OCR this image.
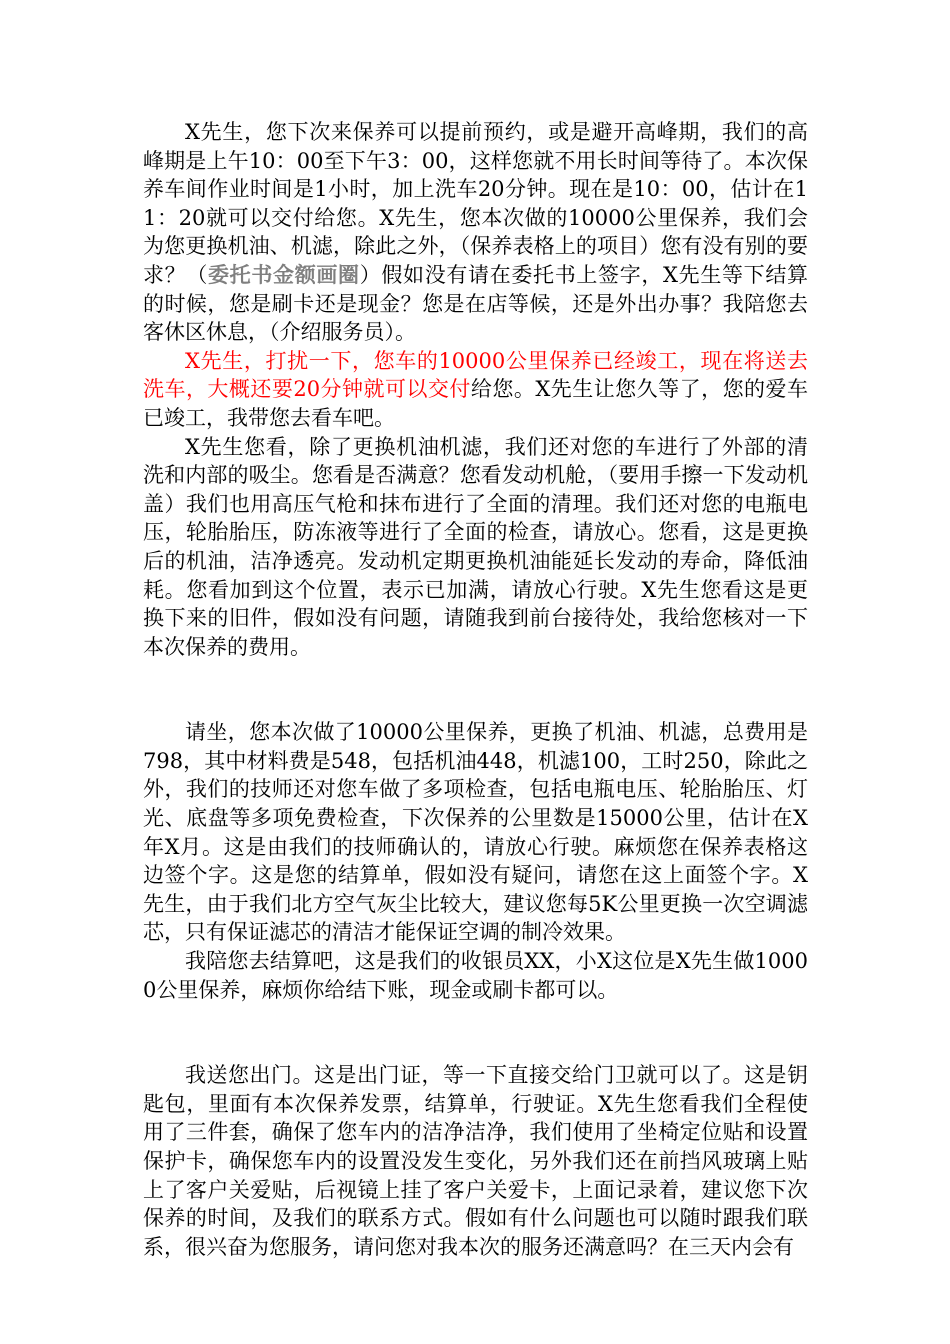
X先生，您下次来保养可以提前预约，或是避开高峰期，我们的高峰期是上午10：00至下午3：00，这样您就不用长时间等待了。本次保养车间作业时间是1小时，加上洗车20分钟。现在是10：00，估计在11：20就可以交付给您。X先生，您本次做的10000公里保养，我们会为您更换机油、机滤，除此之外，（保养表格上的项目）您有没有别的要求？（委托书金额画圈）假如没有请在委托书上签字，X先生等下结算的时候，您是刷卡还是现金？您是在店等候，还是外出办事？我陪您去客休区休息，（介绍服务员）。

X先生，打扰一下，您车的10000公里保养已经竣工，现在将送去洗车，大概还要20分钟就可以交付给您。X先生让您久等了，您的爱车已竣工，我带您去看车吧。

X先生您看，除了更换机油机滤，我们还对您的车进行了外部的清洗和内部的吸尘。您看是否满意？您看发动机舱，（要用手擦一下发动机盖）我们也用高压气枪和抹布进行了全面的清理。我们还对您的电瓶电压，轮胎胎压，防冻液等进行了全面的检查，请放心。您看，这是更换后的机油，洁净透亮。发动机定期更换机油能延长发动的寿命，降低油耗。您看加到这个位置，表示已加满，请放心行驶。X先生您看这是更换下来的旧件，假如没有问题，请随我到前台接待处，我给您核对一下本次保养的费用。

请坐，您本次做了10000公里保养，更换了机油、机滤，总费用是798，其中材料费是548，包括机油448，机滤100，工时250，除此之外，我们的技师还对您车做了多项检查，包括电瓶电压、轮胎胎压、灯光、底盘等多项免费检查，下次保养的公里数是15000公里，估计在X年X月。这是由我们的技师确认的，请放心行驶。麻烦您在保养表格这边签个字。这是您的结算单，假如没有疑问，请您在这上面签个字。X先生，由于我们北方空气灰尘比较大，建议您每5K公里更换一次空调滤芯，只有保证滤芯的清洁才能保证空调的制冷效果。

我陪您去结算吧，这是我们的收银员XX，小X这位是X先生做10000公里保养，麻烦你给结下账，现金或刷卡都可以。

我送您出门。这是出门证，等一下直接交给门卫就可以了。这是钥匙包，里面有本次保养发票，结算单，行驶证。X先生您看我们全程使用了三件套，确保了您车内的洁净洁净，我们使用了坐椅定位贴和设置保护卡，确保您车内的设置没发生变化，另外我们还在前挡风玻璃上贴上了客户关爱贴，后视镜上挂了客户关爱卡，上面记录着，建议您下次保养的时间，及我们的联系方式。假如有什么问题也可以随时跟我们联系，很兴奋为您服务，请问您对我本次的服务还满意吗？在三天内会有
